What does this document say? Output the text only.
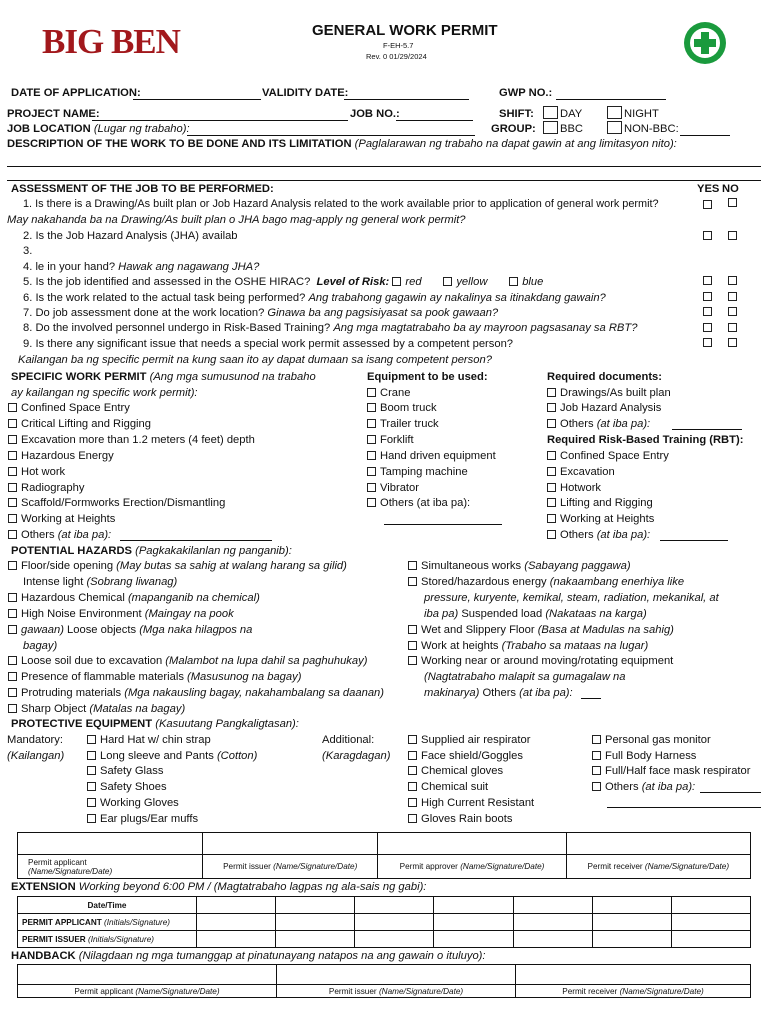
BIG BEN	GENERAL WORK PERMIT
F-EH-5.7
Rev. 0 01/29/2024
DATE OF APPLICATION:	VALIDITY DATE:	GWP NO.:
PROJECT NAME:	JOB NO.:	SHIFT:	DAY	NIGHT
JOB LOCATION (Lugar ng trabaho):	GROUP:	BBC	NON-BBC:
DESCRIPTION OF THE WORK TO BE DONE AND ITS LIMITATION (Paglalarawan ng trabaho na dapat gawin at ang limitasyon nito):
ASSESSMENT OF THE JOB TO BE PERFORMED:	YES NO
1. Is there is a Drawing/As built plan or Job Hazard Analysis related to the work available prior to application of general work permit?
May nakahanda ba na Drawing/As built plan o JHA bago mag-apply ng general work permit?
2. Is the Job Hazard Analysis (JHA) availab
3.
4. le in your hand? Hawak ang nagawang JHA?
5. Is the job identified and assessed in the OSHE HIRAC? Level of Risk: red	yellow	blue
6. Is the work related to the actual task being performed? Ang trabahong gagawin ay nakalinya sa itinakdang gawain?
7. Do job assessment done at the work location? Ginawa ba ang pagsisiyasat sa pook gawaan?
8. Do the involved personnel undergo in Risk-Based Training? Ang mga magtatrabaho ba ay mayroon pagsasanay sa RBT?
9. Is there any significant issue that needs a special work permit assessed by a competent person?
Kailangan ba ng specific permit na kung saan ito ay dapat dumaan sa isang competent person?
SPECIFIC WORK PERMIT (Ang mga sumusunod na trabaho
ay kailangan ng specific work permit):
Confined Space Entry
Critical Lifting and Rigging
Excavation more than 1.2 meters (4 feet) depth
Hazardous Energy
Hot work
Radiography
Scaffold/Formworks Erection/Dismantling
Working at Heights
Others (at iba pa):
Equipment to be used:
Crane
Boom truck
Trailer truck
Forklift
Hand driven equipment
Tamping machine
Vibrator
Others (at iba pa):
Required documents:
Drawings/As built plan
Job Hazard Analysis
Others (at iba pa):
Required Risk-Based Training (RBT):
Confined Space Entry
Excavation
Hotwork
Lifting and Rigging
Working at Heights
Others (at iba pa):
POTENTIAL HAZARDS (Pagkakakilanlan ng panganib):
Floor/side opening (May butas sa sahig at walang harang sa gilid)
Intense light (Sobrang liwanag)
Hazardous Chemical (mapanganib na chemical)
High Noise Environment (Maingay na pook
gawaan) Loose objects (Mga naka hilagpos na
bagay)
Loose soil due to excavation (Malambot na lupa dahil sa paghuhukay)
Presence of flammable materials (Masusunog na bagay)
Protruding materials (Mga nakausling bagay, nakahambalang sa daanan)
Sharp Object (Matalas na bagay)
Simultaneous works (Sabayang paggawa)
Stored/hazardous energy (nakaambang enerhiya like
pressure, kuryente, kemikal, steam, radiation, mekanikal, at
iba pa) Suspended load (Nakataas na karga)
Wet and Slippery Floor (Basa at Madulas na sahig)
Work at heights (Trabaho sa mataas na lugar)
Working near or around moving/rotating equipment
(Nagtatrabaho malapit sa gumagalaw na
makinarya) Others (at iba pa):
PROTECTIVE EQUIPMENT (Kasuutang Pangkaligtasan):
Mandatory:
(Kailangan)
Hard Hat w/ chin strap
Long sleeve and Pants (Cotton)
Safety Glass
Safety Shoes
Working Gloves
Ear plugs/Ear muffs
Additional:
(Karagdagan)
Supplied air respirator
Face shield/Goggles
Chemical gloves
Chemical suit
High Current Resistant
Gloves Rain boots
Personal gas monitor
Full Body Harness
Full/Half face mask respirator
Others (at iba pa):

Permit applicant
(Name/Signature/Date)	Permit issuer (Name/Signature/Date)	Permit approver (Name/Signature/Date)	Permit receiver (Name/Signature/Date)
EXTENSION Working beyond 6:00 PM / (Magtatrabaho lagpas ng ala-sais ng gabi):
Date/Time							
PERMIT APPLICANT (Initials/Signature)							
PERMIT ISSUER (Initials/Signature)							
HANDBACK (Nilagdaan ng mga tumanggap at pinatunayang natapos na ang gawain o ituluyo):

Permit applicant (Name/Signature/Date)	Permit issuer (Name/Signature/Date)	Permit receiver (Name/Signature/Date)
